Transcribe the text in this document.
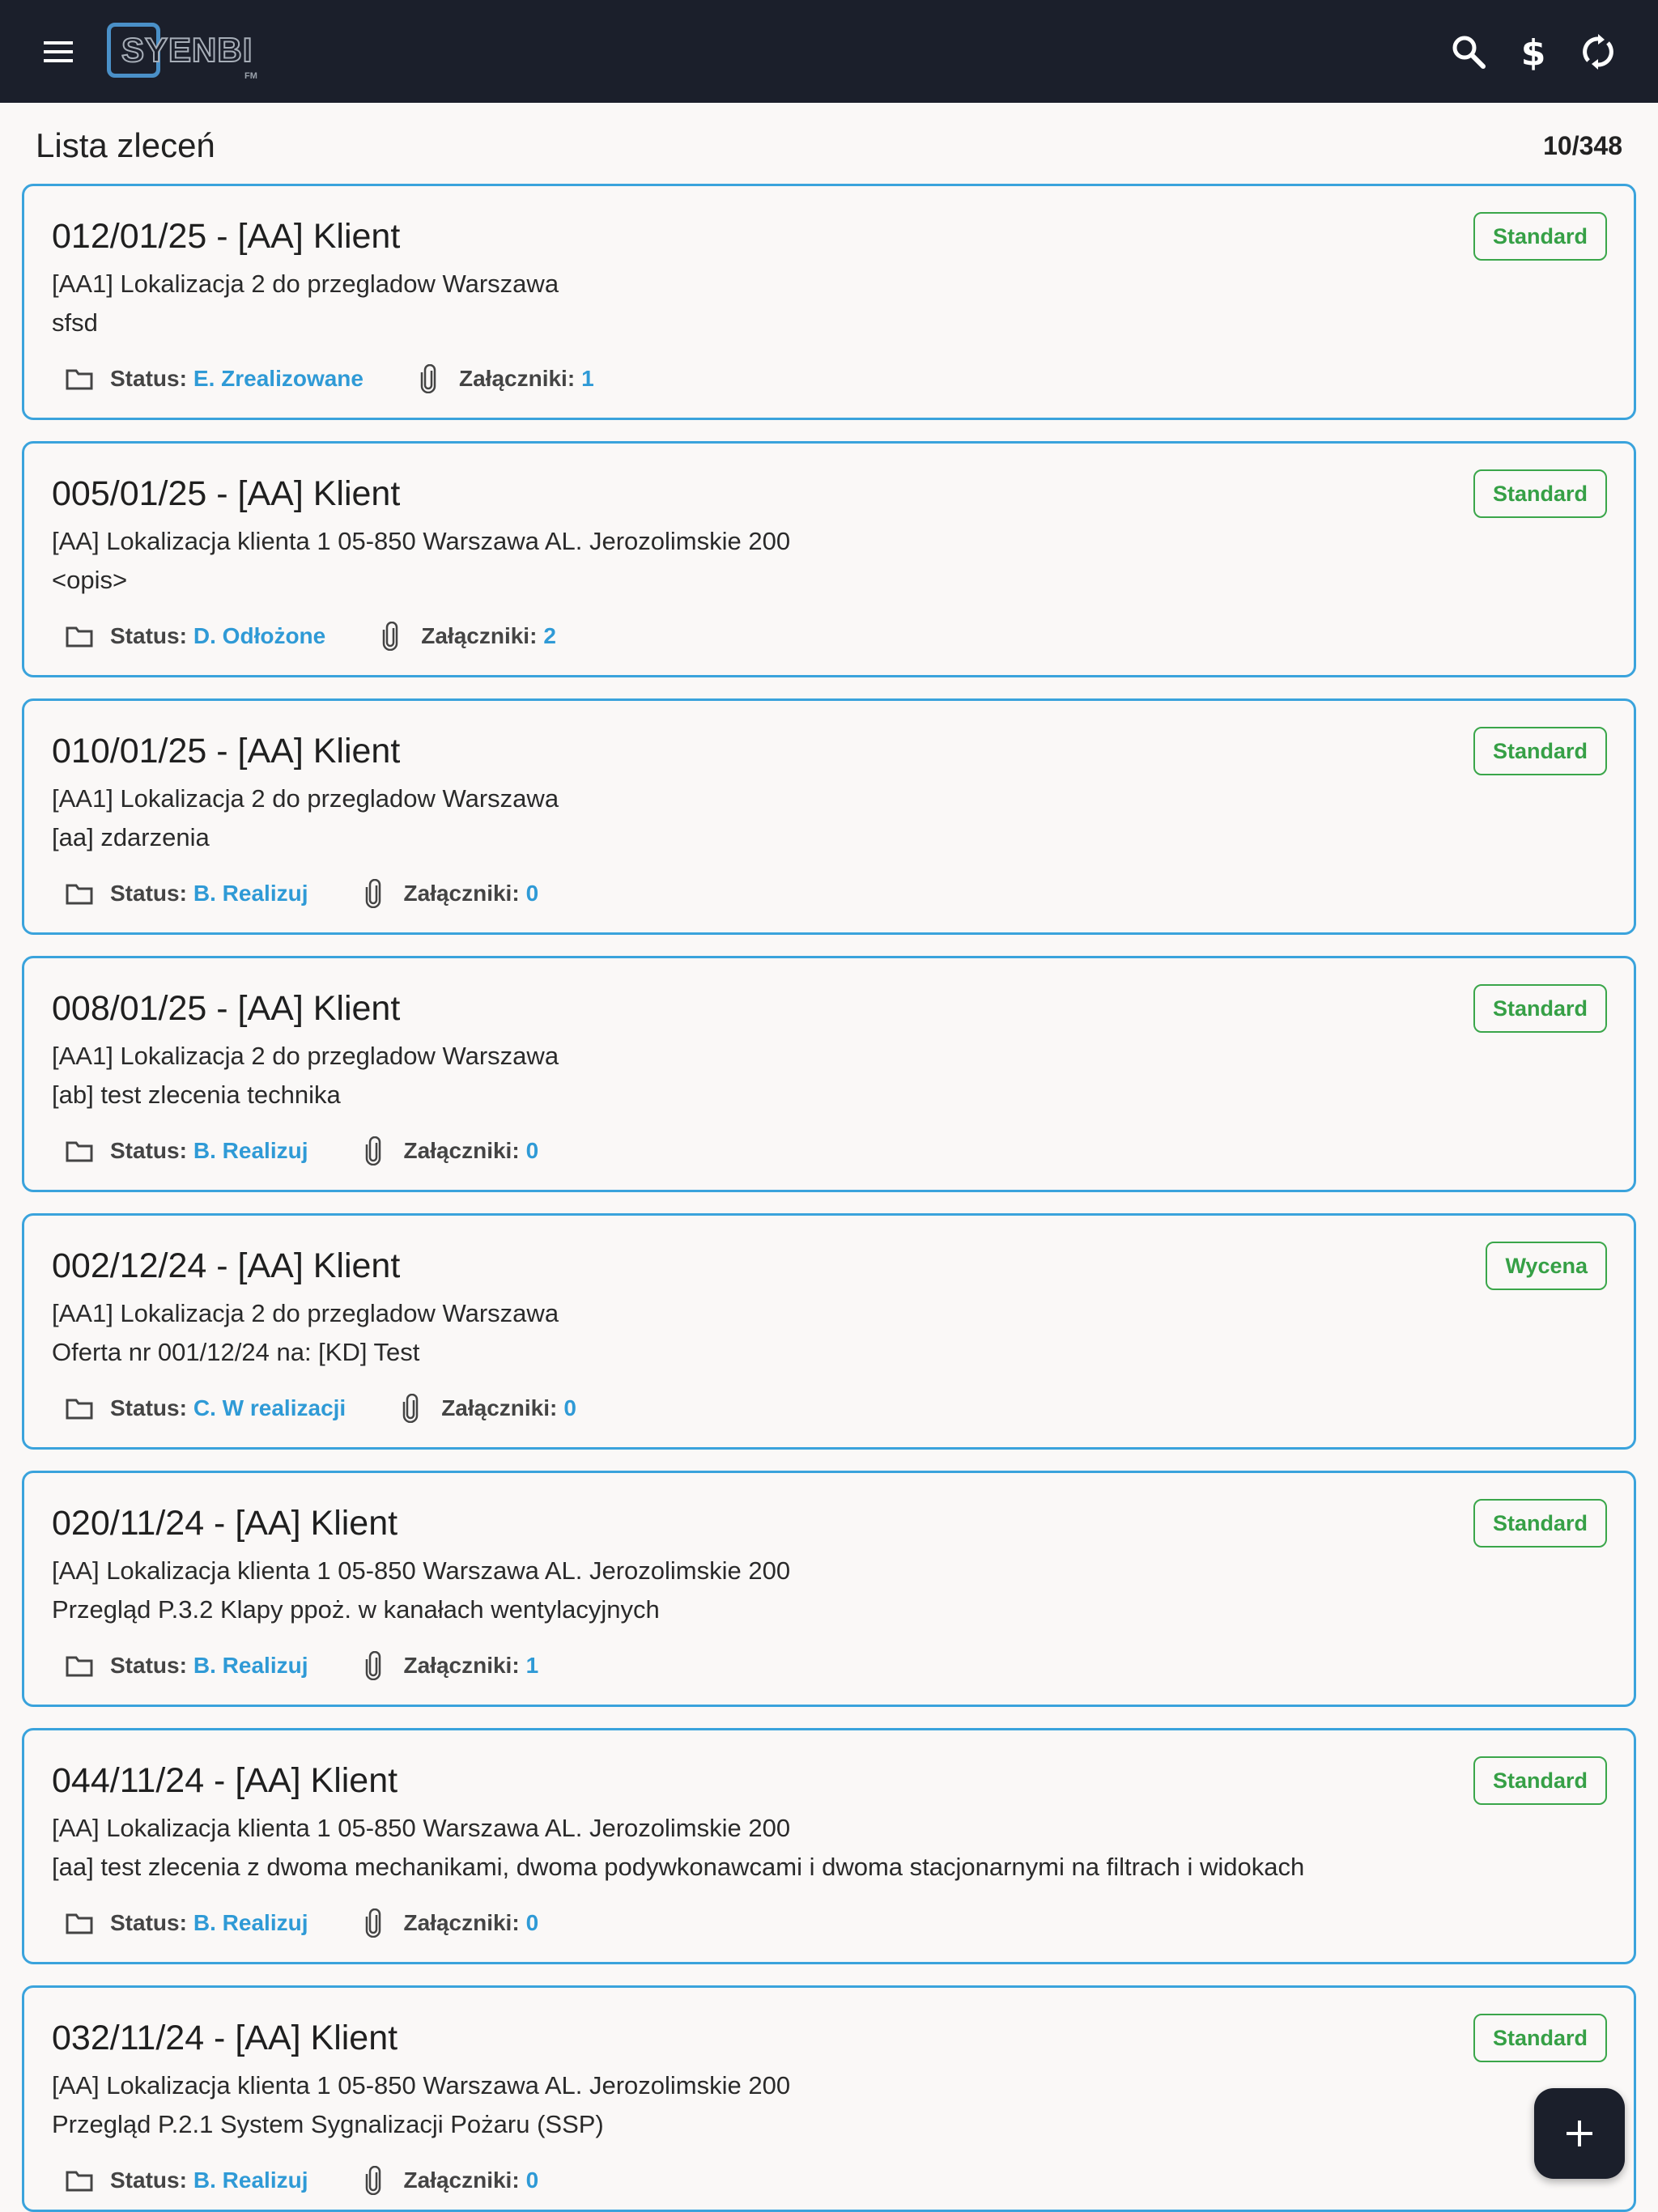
SYENBI
FM
$
Lista zleceń	10/348
012/01/25 - [AA] Klient	Standard
[AA1] Lokalizacja 2 do przegladow Warszawa
sfsd
Status: E. Zrealizowane	Załączniki: 1
005/01/25 - [AA] Klient	Standard
[AA] Lokalizacja klienta 1 05-850 Warszawa AL. Jerozolimskie 200
<opis>
Status: D. Odłożone	Załączniki: 2
010/01/25 - [AA] Klient	Standard
[AA1] Lokalizacja 2 do przegladow Warszawa
[aa] zdarzenia
Status: B. Realizuj	Załączniki: 0
008/01/25 - [AA] Klient	Standard
[AA1] Lokalizacja 2 do przegladow Warszawa
[ab] test zlecenia technika
Status: B. Realizuj	Załączniki: 0
002/12/24 - [AA] Klient	Wycena
[AA1] Lokalizacja 2 do przegladow Warszawa
Oferta nr 001/12/24 na: [KD] Test
Status: C. W realizacji	Załączniki: 0
020/11/24 - [AA] Klient	Standard
[AA] Lokalizacja klienta 1 05-850 Warszawa AL. Jerozolimskie 200
Przegląd P.3.2 Klapy ppoż. w kanałach wentylacyjnych
Status: B. Realizuj	Załączniki: 1
044/11/24 - [AA] Klient	Standard
[AA] Lokalizacja klienta 1 05-850 Warszawa AL. Jerozolimskie 200
[aa] test zlecenia z dwoma mechanikami, dwoma podywkonawcami i dwoma stacjonarnymi na filtrach i widokach
Status: B. Realizuj	Załączniki: 0
032/11/24 - [AA] Klient	Standard
[AA] Lokalizacja klienta 1 05-850 Warszawa AL. Jerozolimskie 200
Przegląd P.2.1 System Sygnalizacji Pożaru (SSP)
Status: B. Realizuj	Załączniki: 0
